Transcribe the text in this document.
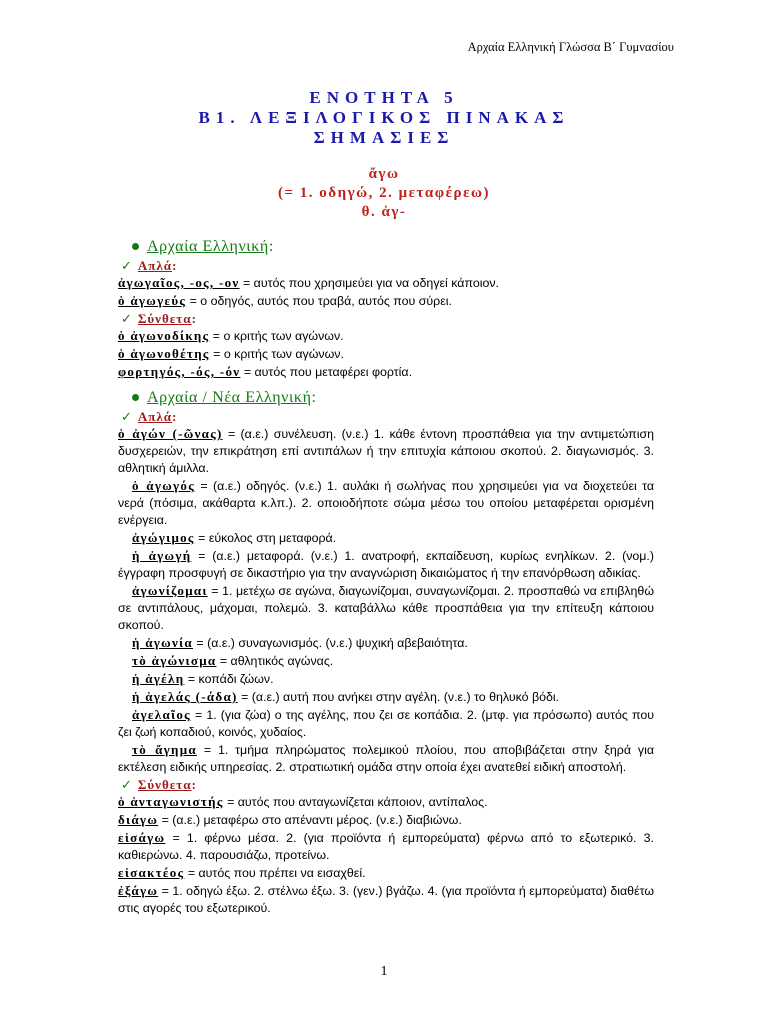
Αρχαία Ελληνική Γλώσσα Β΄ Γυμνασίου
ΕΝΟΤΗΤΑ 5
Β1. ΛΕΞΙΛΟΓΙΚΟΣ ΠΙΝΑΚΑΣ
ΣΗΜΑΣΙΕΣ
ἄγω
(= 1. οδηγώ, 2. μεταφέρεω)
θ. ἀγ-
Αρχαία Ελληνική:
✓ Απλά:
ἀγωγαῖος, -ος, -ον = αυτός που χρησιμεύει για να οδηγεί κάποιον.
ὁ ἀγωγεύς = ο οδηγός, αυτός που τραβά, αυτός που σύρει.
✓ Σύνθετα:
ὁ ἀγωνοδίκης = ο κριτής των αγώνων.
ὁ ἀγωνοθέτης = ο κριτής των αγώνων.
φορτηγός, -ός, -όν = αυτός που μεταφέρει φορτία.
Αρχαία / Νέα Ελληνική:
✓ Απλά:
ὁ ἀγών (-ῶνας) = (α.ε.) συνέλευση. (ν.ε.) 1. κάθε έντονη προσπάθεια για την αντιμετώπιση δυσχερειών, την επικράτηση επί αντιπάλων ή την επιτυχία κάποιου σκοπού. 2. διαγωνισμός. 3. αθλητική άμιλλα.
ὁ ἀγωγός = (α.ε.) οδηγός. (ν.ε.) 1. αυλάκι ή σωλήνας που χρησιμεύει για να διοχετεύει τα νερά (πόσιμα, ακάθαρτα κ.λπ.). 2. οποιοδήποτε σώμα μέσω του οποίου μεταφέρεται ορισμένη ενέργεια.
ἀγώγιμος = εύκολος στη μεταφορά.
ἡ ἀγωγή = (α.ε.) μεταφορά. (ν.ε.) 1. ανατροφή, εκπαίδευση, κυρίως ενηλίκων. 2. (νομ.) έγγραφη προσφυγή σε δικαστήριο για την αναγνώριση δικαιώματος ή την επανόρθωση αδικίας.
ἀγωνίζομαι = 1. μετέχω σε αγώνα, διαγωνίζομαι, συναγωνίζομαι. 2. προσπαθώ να επιβληθώ σε αντιπάλους, μάχομαι, πολεμώ. 3. καταβάλλω κάθε προσπάθεια για την επίτευξη κάποιου σκοπού.
ἡ ἀγωνία = (α.ε.) συναγωνισμός. (ν.ε.) ψυχική αβεβαιότητα.
τὸ ἀγώνισμα = αθλητικός αγώνας.
ἡ ἀγέλη = κοπάδι ζώων.
ἡ ἀγελάς (-άδα) = (α.ε.) αυτή που ανήκει στην αγέλη. (ν.ε.) το θηλυκό βόδι.
ἀγελαῖος = 1. (για ζώα) ο της αγέλης, που ζει σε κοπάδια. 2. (μτφ. για πρόσωπο) αυτός που ζει ζωή κοπαδιού, κοινός, χυδαίος.
τὸ ἄγημα = 1. τμήμα πληρώματος πολεμικού πλοίου, που αποβιβάζεται στην ξηρά για εκτέλεση ειδικής υπηρεσίας. 2. στρατιωτική ομάδα στην οποία έχει ανατεθεί ειδική αποστολή.
✓ Σύνθετα:
ὁ ἀνταγωνιστής = αυτός που ανταγωνίζεται κάποιον, αντίπαλος.
διάγω = (α.ε.) μεταφέρω στο απέναντι μέρος. (ν.ε.) διαβιώνω.
εἰσάγω = 1. φέρνω μέσα. 2. (για προϊόντα ή εμπορεύματα) φέρνω από το εξωτερικό. 3. καθιερώνω. 4. παρουσιάζω, προτείνω.
εἰσακτέος = αυτός που πρέπει να εισαχθεί.
ἐξάγω = 1. οδηγώ έξω. 2. στέλνω έξω. 3. (γεν.) βγάζω. 4. (για προϊόντα ή εμπορεύματα) διαθέτω στις αγορές του εξωτερικού.
1
